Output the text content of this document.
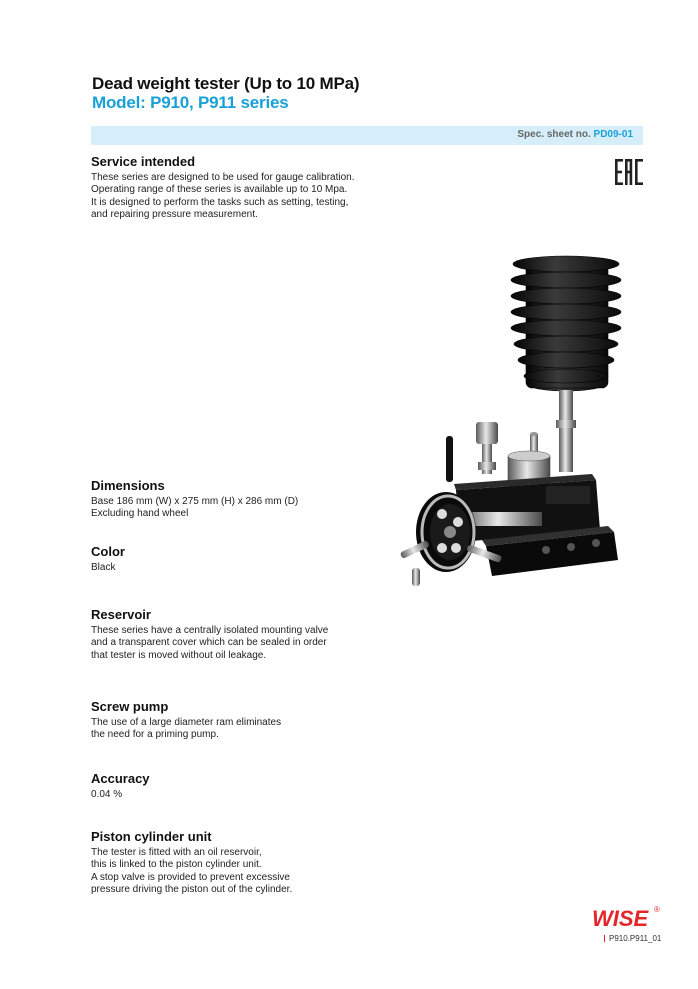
Dead weight tester (Up to 10 MPa)
Model: P910, P911 series
Spec. sheet no. PD09-01
Service intended
These series are designed to be used for gauge calibration.
Operating range of these series is available up to 10 Mpa.
It is designed to perform the tasks such as setting, testing,
and repairing pressure measurement.
Dimensions
Base 186 mm (W) x 275 mm (H) x 286 mm (D)
Excluding hand wheel
Color
Black
Reservoir
These series have a centrally isolated mounting valve
and a transparent cover which can be sealed in order
that tester is moved without oil leakage.
Screw pump
The use of a large diameter ram eliminates
the need for a priming pump.
Accuracy
0.04 %
Piston cylinder unit
The tester is fitted with an oil reservoir,
this is linked to the piston cylinder unit.
A stop valve is provided to prevent excessive
pressure driving the piston out of the cylinder.
WISE ®
P910.P911_01
